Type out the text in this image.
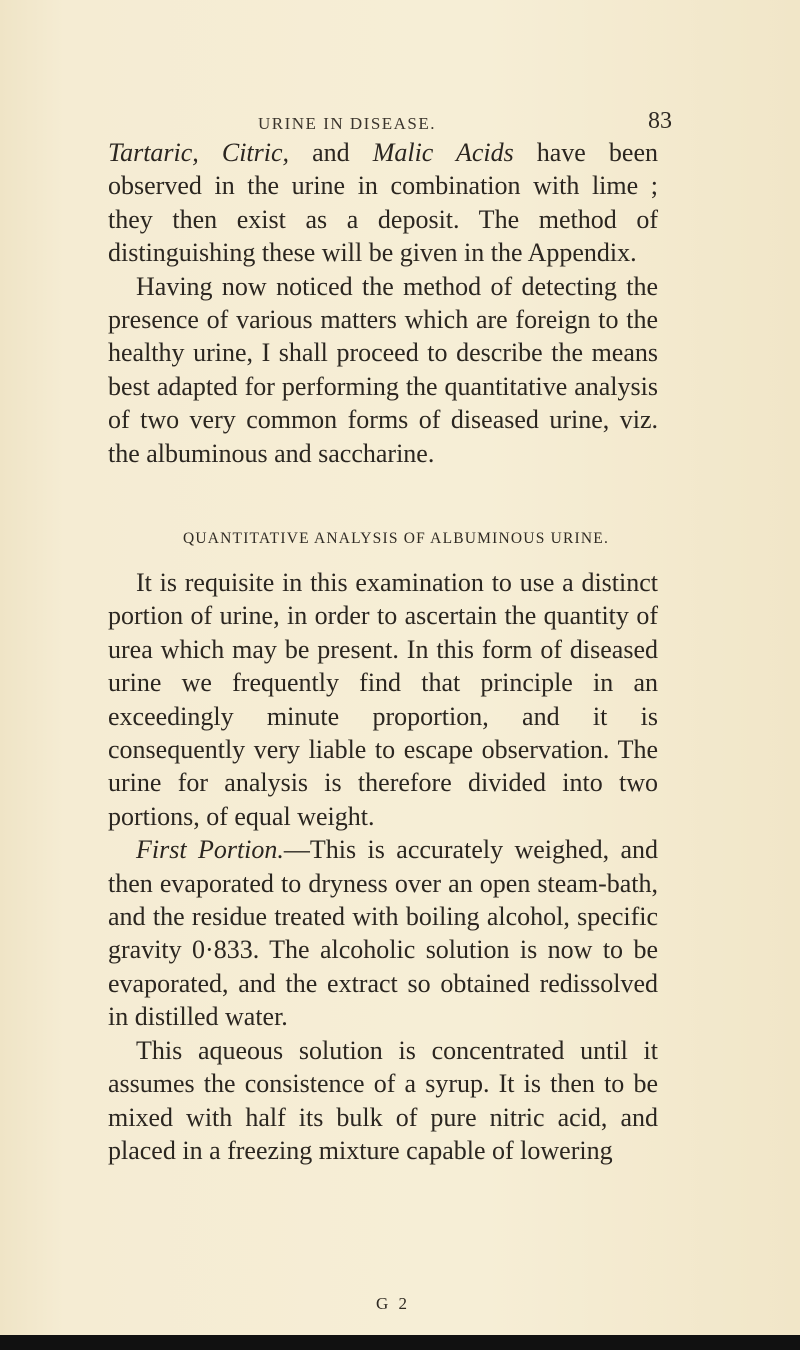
URINE IN DISEASE.	83

Tartaric, Citric, and Malic Acids have been observed in the urine in combination with lime ; they then exist as a deposit. The method of distinguishing these will be given in the Appendix.

Having now noticed the method of detecting the presence of various matters which are foreign to the healthy urine, I shall proceed to describe the means best adapted for performing the quantitative analysis of two very common forms of diseased urine, viz. the albuminous and saccharine.

QUANTITATIVE ANALYSIS OF ALBUMINOUS URINE.

It is requisite in this examination to use a distinct portion of urine, in order to ascertain the quantity of urea which may be present. In this form of diseased urine we frequently find that principle in an exceedingly minute proportion, and it is consequently very liable to escape observation. The urine for analysis is therefore divided into two portions, of equal weight.

First Portion.—This is accurately weighed, and then evaporated to dryness over an open steam-bath, and the residue treated with boiling alcohol, specific gravity 0·833. The alcoholic solution is now to be evaporated, and the extract so obtained redissolved in distilled water.

This aqueous solution is concentrated until it assumes the consistence of a syrup. It is then to be mixed with half its bulk of pure nitric acid, and placed in a freezing mixture capable of lowering

G 2
